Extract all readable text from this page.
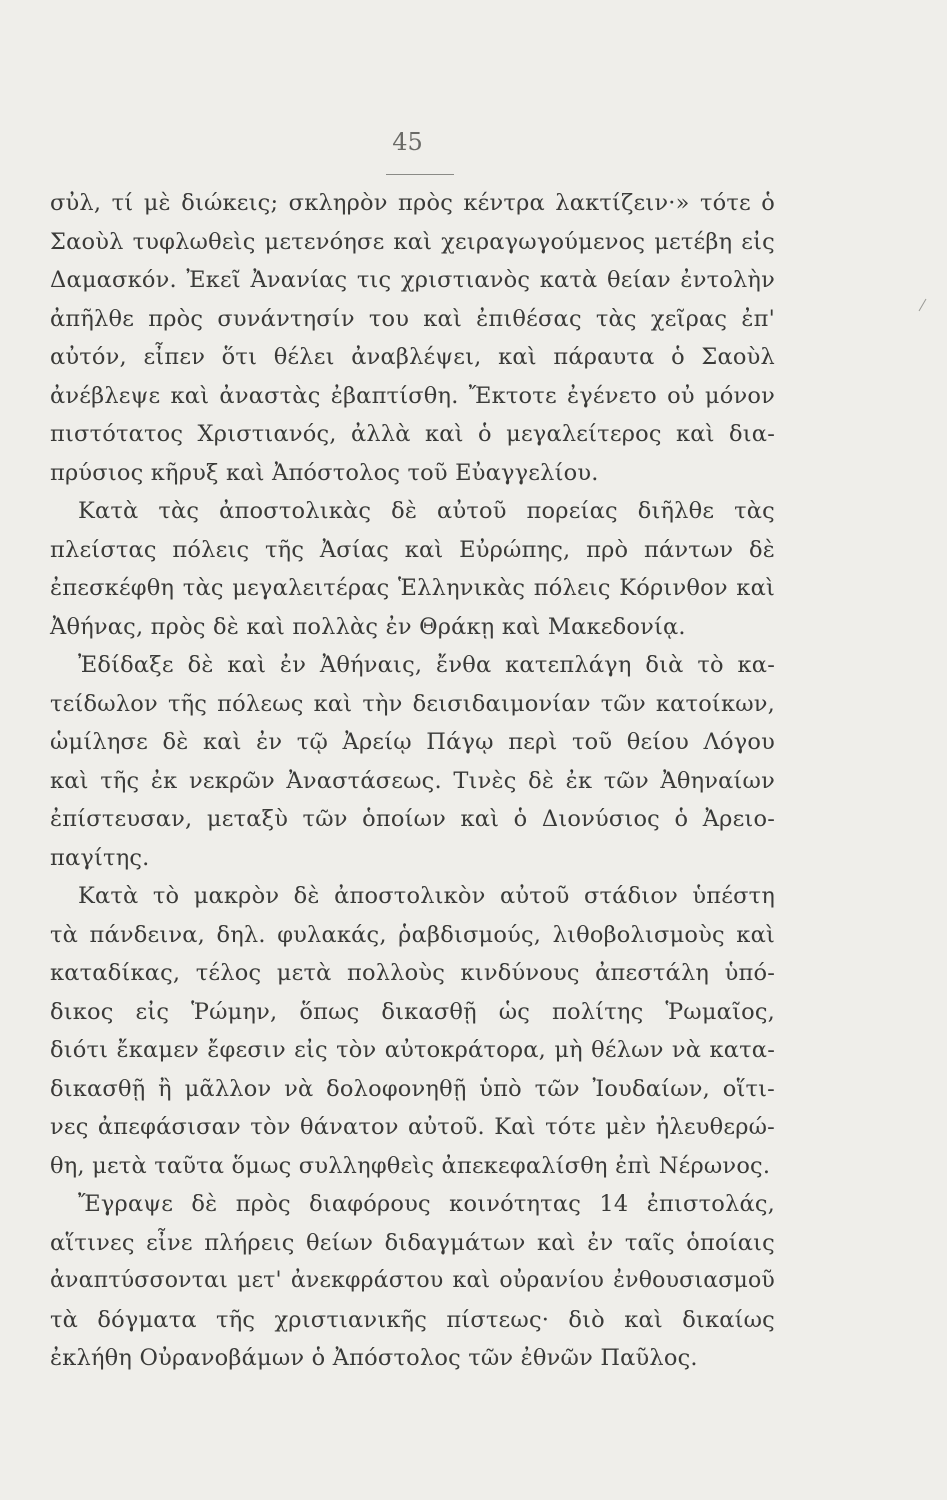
45
σὐλ, τί μὲ διώκεις; σκληρὸν πρὸς κέντρα λακτίζειν·» τότε ὁ
Σαοὺλ τυφλωθεὶς μετενόησε καὶ χειραγωγούμενος μετέβη εἰς
Δαμασκόν. Ἐκεῖ Ἀνανίας τις χριστιανὸς κατὰ θείαν ἐντολὴν
ἀπῆλθε πρὸς συνάντησίν του καὶ ἐπιθέσας τὰς χεῖρας ἐπ'
αὐτόν, εἶπεν ὅτι θέλει ἀναβλέψει, καὶ πάραυτα ὁ Σαοὺλ
ἀνέβλεψε καὶ ἀναστὰς ἐβαπτίσθη. Ἔκτοτε ἐγένετο οὐ μόνον
πιστότατος Χριστιανός, ἀλλὰ καὶ ὁ μεγαλείτερος καὶ δια-
πρύσιος κῆρυξ καὶ Ἀπόστολος τοῦ Εὐαγγελίου.
Κατὰ τὰς ἀποστολικὰς δὲ αὐτοῦ πορείας διῆλθε τὰς
πλείστας πόλεις τῆς Ἀσίας καὶ Εὐρώπης, πρὸ πάντων δὲ
ἐπεσκέφθη τὰς μεγαλειτέρας Ἑλληνικὰς πόλεις Κόρινθον καὶ
Ἀθήνας, πρὸς δὲ καὶ πολλὰς ἐν Θράκῃ καὶ Μακεδονίᾳ.
Ἐδίδαξε δὲ καὶ ἐν Ἀθήναις, ἔνθα κατεπλάγη διὰ τὸ κα-
τείδωλον τῆς πόλεως καὶ τὴν δεισιδαιμονίαν τῶν κατοίκων,
ὡμίλησε δὲ καὶ ἐν τῷ Ἀρείῳ Πάγῳ περὶ τοῦ θείου Λόγου
καὶ τῆς ἐκ νεκρῶν Ἀναστάσεως. Τινὲς δὲ ἐκ τῶν Ἀθηναίων
ἐπίστευσαν, μεταξὺ τῶν ὁποίων καὶ ὁ Διονύσιος ὁ Ἀρειο-
παγίτης.
Κατὰ τὸ μακρὸν δὲ ἀποστολικὸν αὐτοῦ στάδιον ὑπέστη
τὰ πάνδεινα, δηλ. φυλακάς, ῥαβδισμούς, λιθοβολισμοὺς καὶ
καταδίκας, τέλος μετὰ πολλοὺς κινδύνους ἀπεστάλη ὑπό-
δικος εἰς Ῥώμην, ὅπως δικασθῇ ὡς πολίτης Ῥωμαῖος,
διότι ἔκαμεν ἔφεσιν εἰς τὸν αὐτοκράτορα, μὴ θέλων νὰ κατα-
δικασθῇ ἢ μᾶλλον νὰ δολοφονηθῇ ὑπὸ τῶν Ἰουδαίων, οἵτι-
νες ἀπεφάσισαν τὸν θάνατον αὐτοῦ. Καὶ τότε μὲν ἠλευθερώ-
θη, μετὰ ταῦτα ὅμως συλληφθεὶς ἀπεκεφαλίσθη ἐπὶ Νέρωνος.
Ἔγραψε δὲ πρὸς διαφόρους κοινότητας 14 ἐπιστολάς,
αἵτινες εἶνε πλήρεις θείων διδαγμάτων καὶ ἐν ταῖς ὁποίαις
ἀναπτύσσονται μετ' ἀνεκφράστου καὶ οὐρανίου ἐνθουσιασμοῦ
τὰ δόγματα τῆς χριστιανικῆς πίστεως· διὸ καὶ δικαίως
ἐκλήθη Οὐρανοβάμων ὁ Ἀπόστολος τῶν ἐθνῶν Παῦλος.
